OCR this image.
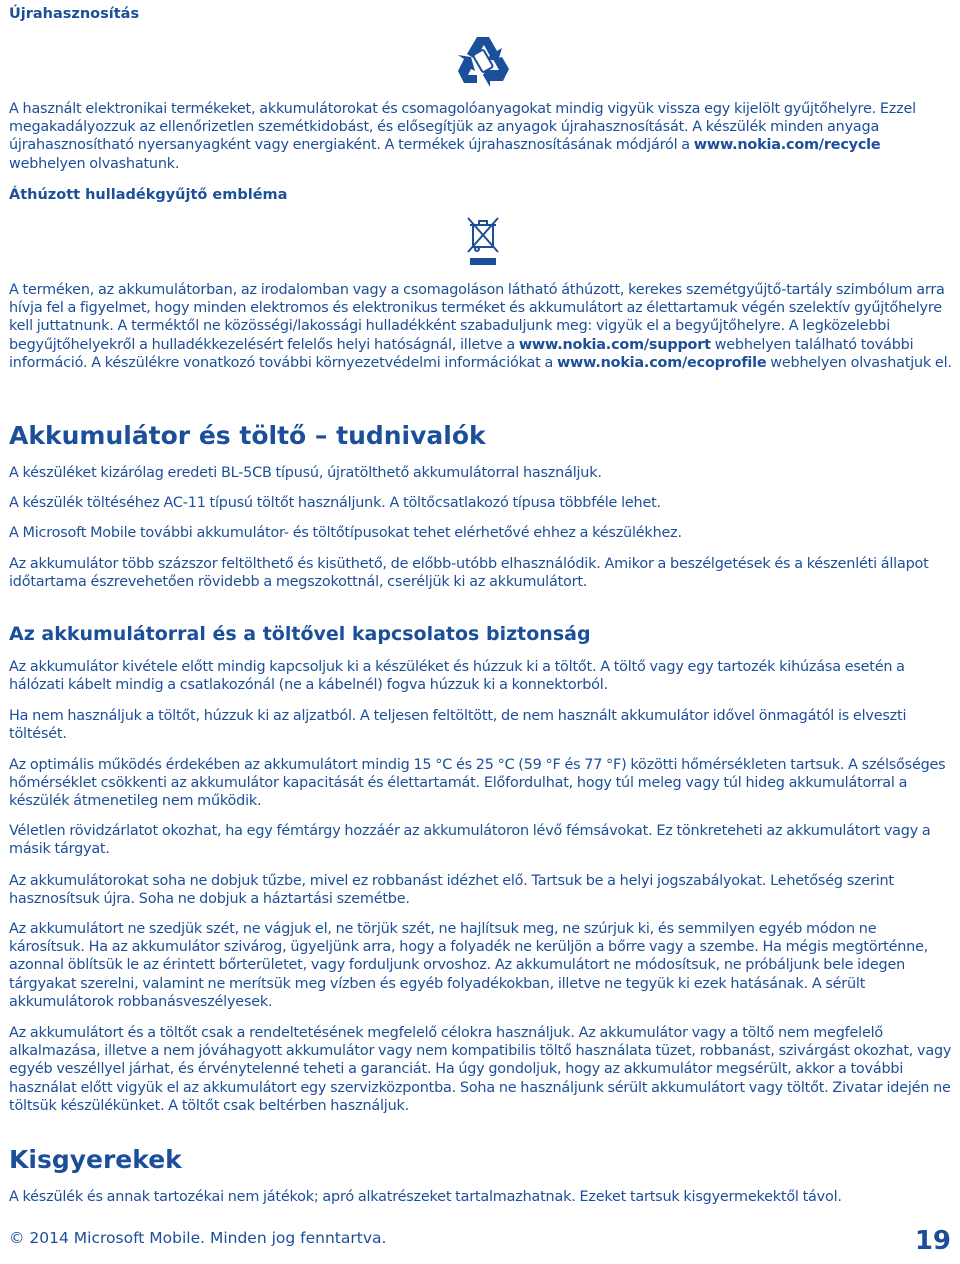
Újrahasznosítás

A használt elektronikai termékeket, akkumulátorokat és csomagolóanyagokat mindig vigyük vissza egy kijelölt gyűjtőhelyre. Ezzel megakadályozzuk az ellenőrizetlen szemétkidobást, és elősegítjük az anyagok újrahasznosítását. A készülék minden anyaga újrahasznosítható nyersanyagként vagy energiaként. A termékek újrahasznosításának módjáról a www.nokia.com/recycle webhelyen olvashatunk.

Áthúzott hulladékgyűjtő embléma

A terméken, az akkumulátorban, az irodalomban vagy a csomagoláson látható áthúzott, kerekes szemétgyűjtő-tartály szimbólum arra hívja fel a figyelmet, hogy minden elektromos és elektronikus terméket és akkumulátort az élettartamuk végén szelektív gyűjtőhelyre kell juttatnunk. A terméktől ne közösségi/lakossági hulladékként szabaduljunk meg: vigyük el a begyűjtőhelyre. A legközelebbi begyűjtőhelyekről a hulladékkezelésért felelős helyi hatóságnál, illetve a www.nokia.com/support webhelyen található további információ. A készülékre vonatkozó további környezetvédelmi információkat a www.nokia.com/ecoprofile webhelyen olvashatjuk el.

Akkumulátor és töltő – tudnivalók

A készüléket kizárólag eredeti BL-5CB típusú, újratölthető akkumulátorral használjuk.

A készülék töltéséhez AC-11 típusú töltőt használjunk. A töltőcsatlakozó típusa többféle lehet.

A Microsoft Mobile további akkumulátor- és töltőtípusokat tehet elérhetővé ehhez a készülékhez.

Az akkumulátor több százszor feltölthető és kisüthető, de előbb-utóbb elhasználódik. Amikor a beszélgetések és a készenléti állapot időtartama észrevehetően rövidebb a megszokottnál, cseréljük ki az akkumulátort.

Az akkumulátorral és a töltővel kapcsolatos biztonság

Az akkumulátor kivétele előtt mindig kapcsoljuk ki a készüléket és húzzuk ki a töltőt. A töltő vagy egy tartozék kihúzása esetén a hálózati kábelt mindig a csatlakozónál (ne a kábelnél) fogva húzzuk ki a konnektorból.

Ha nem használjuk a töltőt, húzzuk ki az aljzatból. A teljesen feltöltött, de nem használt akkumulátor idővel önmagától is elveszti töltését.

Az optimális működés érdekében az akkumulátort mindig 15 °C és 25 °C (59 °F és 77 °F) közötti hőmérsékleten tartsuk. A szélsőséges hőmérséklet csökkenti az akkumulátor kapacitását és élettartamát. Előfordulhat, hogy túl meleg vagy túl hideg akkumulátorral a készülék átmenetileg nem működik.

Véletlen rövidzárlatot okozhat, ha egy fémtárgy hozzáér az akkumulátoron lévő fémsávokat. Ez tönkreteheti az akkumulátort vagy a másik tárgyat.

Az akkumulátorokat soha ne dobjuk tűzbe, mivel ez robbanást idézhet elő. Tartsuk be a helyi jogszabályokat. Lehetőség szerint hasznosítsuk újra. Soha ne dobjuk a háztartási szemétbe.

Az akkumulátort ne szedjük szét, ne vágjuk el, ne törjük szét, ne hajlítsuk meg, ne szúrjuk ki, és semmilyen egyéb módon ne károsítsuk. Ha az akkumulátor szivárog, ügyeljünk arra, hogy a folyadék ne kerüljön a bőrre vagy a szembe. Ha mégis megtörténne, azonnal öblítsük le az érintett bőrterületet, vagy forduljunk orvoshoz. Az akkumulátort ne módosítsuk, ne próbáljunk bele idegen tárgyakat szerelni, valamint ne merítsük meg vízben és egyéb folyadékokban, illetve ne tegyük ki ezek hatásának. A sérült akkumulátorok robbanásveszélyesek.

Az akkumulátort és a töltőt csak a rendeltetésének megfelelő célokra használjuk. Az akkumulátor vagy a töltő nem megfelelő alkalmazása, illetve a nem jóváhagyott akkumulátor vagy nem kompatibilis töltő használata tüzet, robbanást, szivárgást okozhat, vagy egyéb veszéllyel járhat, és érvénytelenné teheti a garanciát. Ha úgy gondoljuk, hogy az akkumulátor megsérült, akkor a további használat előtt vigyük el az akkumulátort egy szervizközpontba. Soha ne használjunk sérült akkumulátort vagy töltőt. Zivatar idején ne töltsük készülékünket. A töltőt csak beltérben használjuk.

Kisgyerekek

A készülék és annak tartozékai nem játékok; apró alkatrészeket tartalmazhatnak. Ezeket tartsuk kisgyermekektől távol.

© 2014 Microsoft Mobile. Minden jog fenntartva.	19
